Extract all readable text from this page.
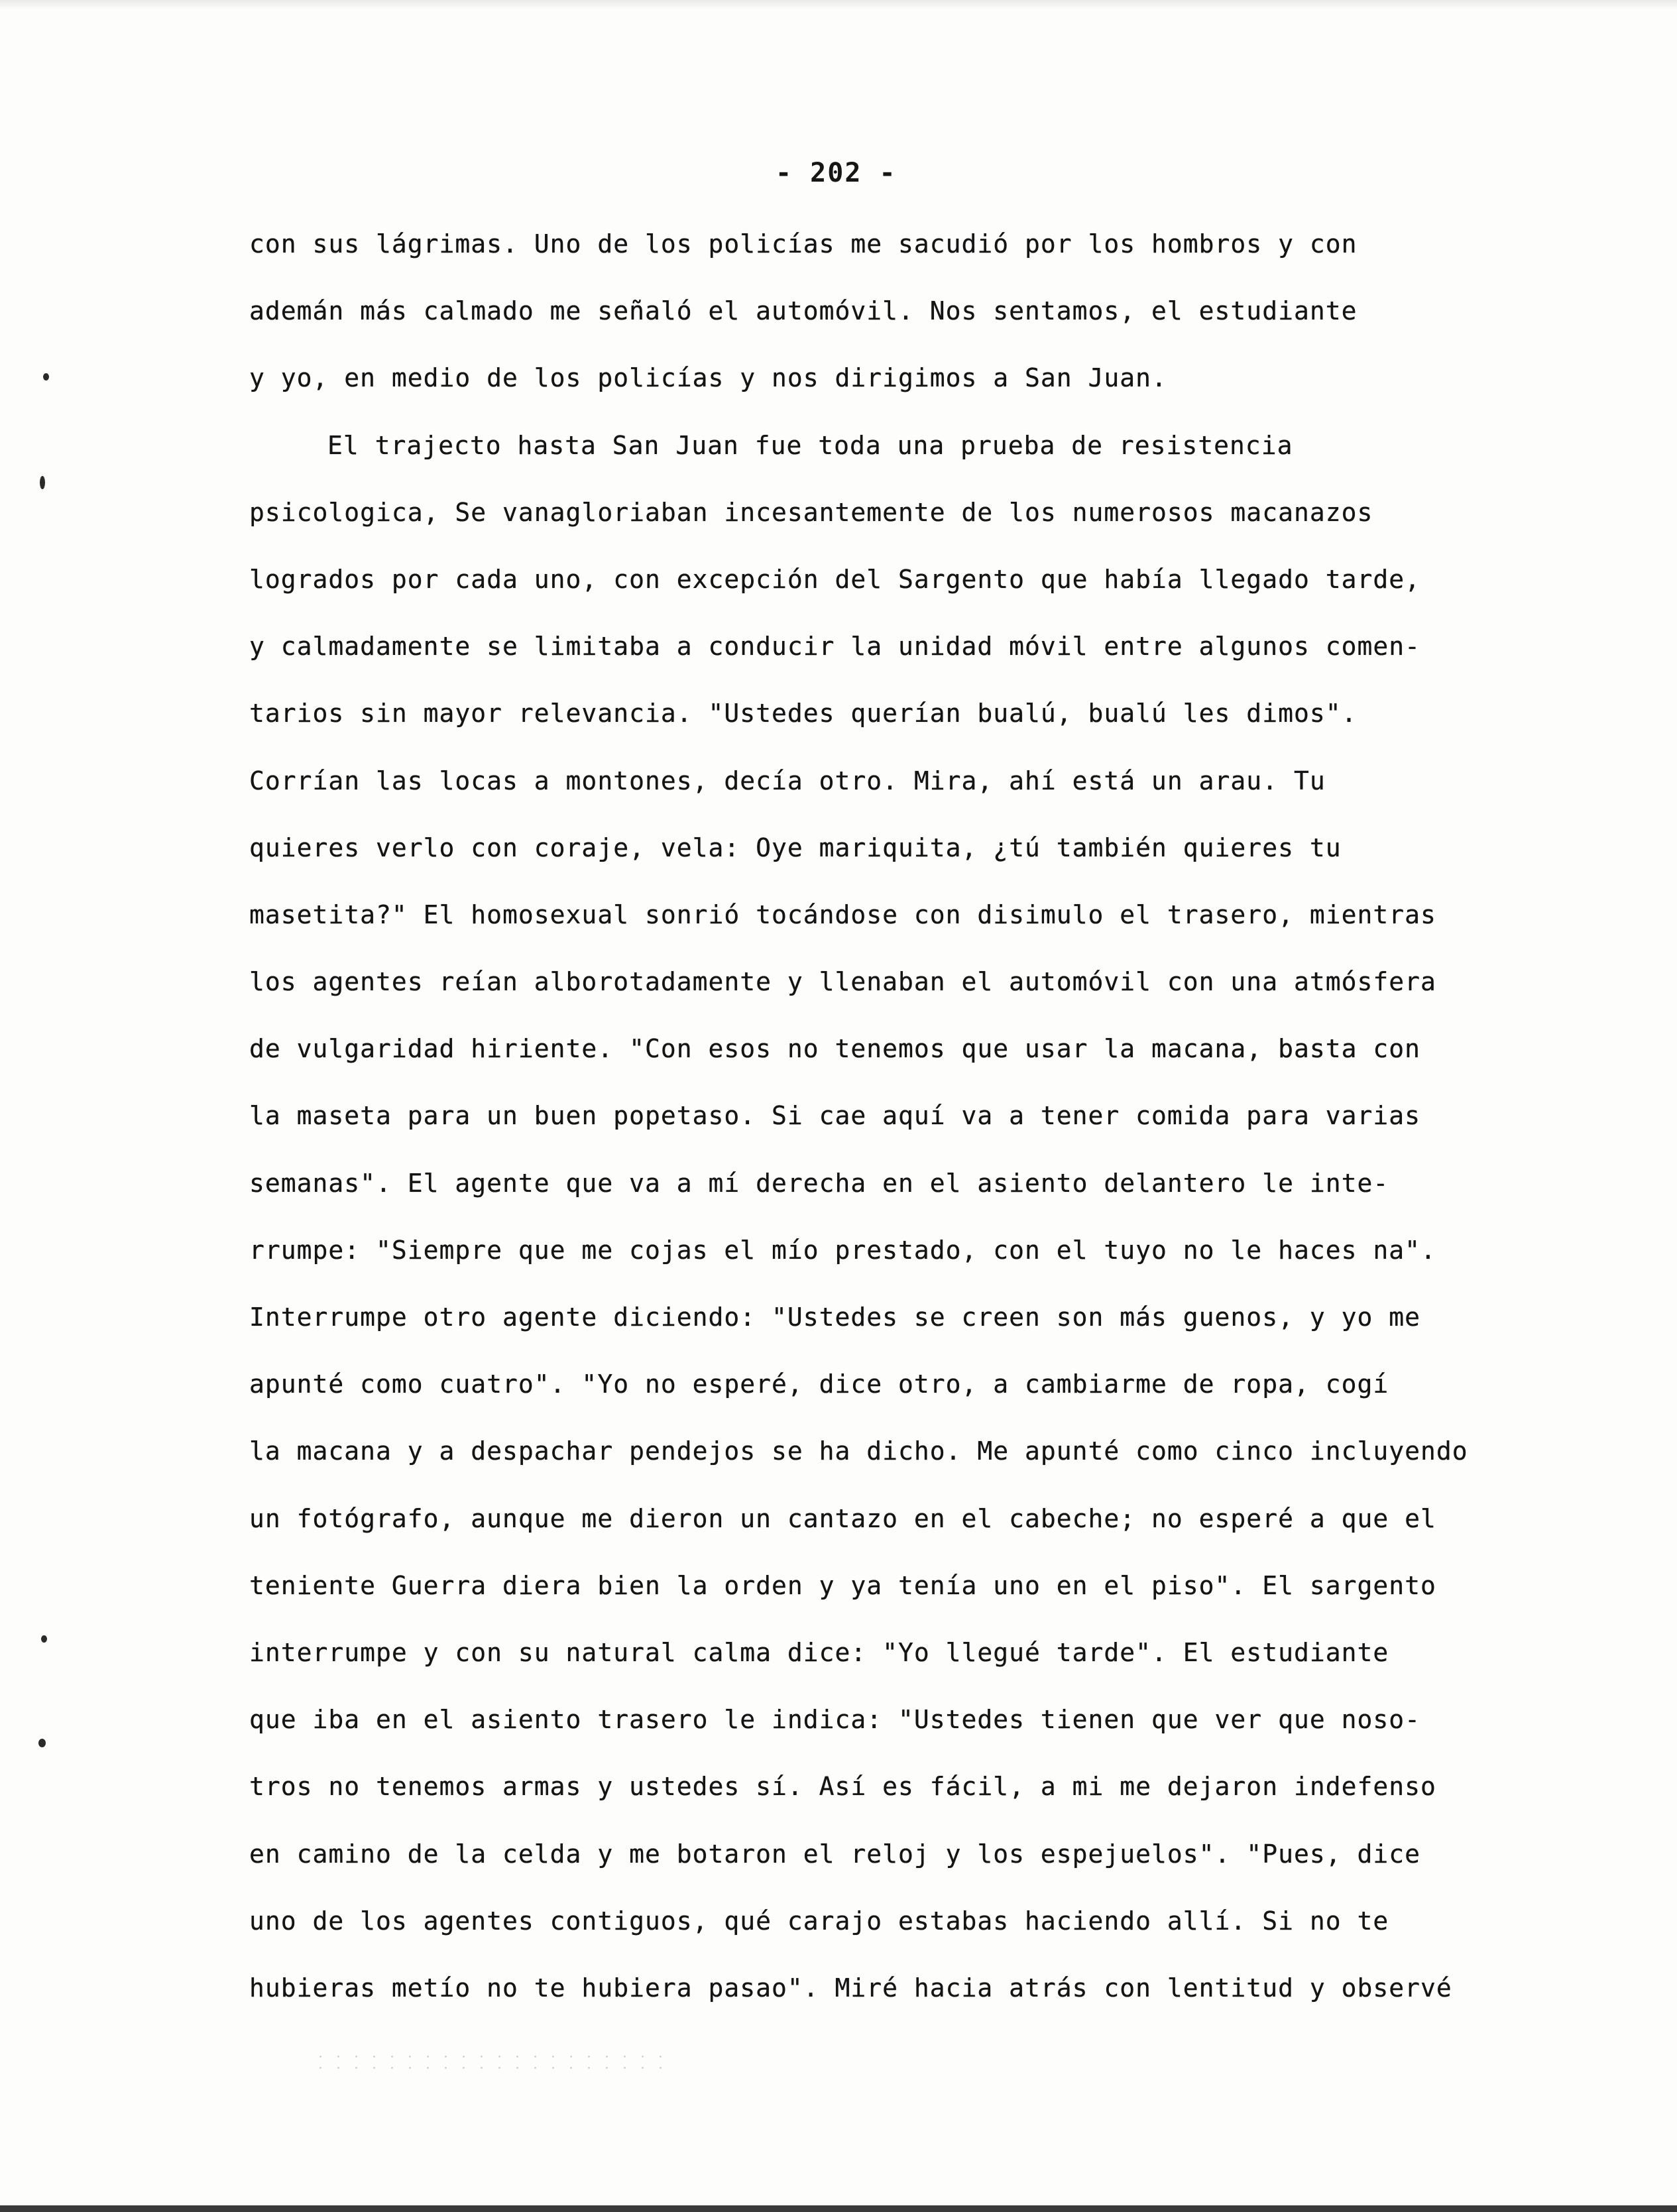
- 202 -
con sus lágrimas. Uno de los policías me sacudió por los hombros y con
ademán más calmado me señaló el automóvil. Nos sentamos, el estudiante
y yo, en medio de los policías y nos dirigimos a San Juan.
El trajecto hasta San Juan fue toda una prueba de resistencia
psicologica, Se vanagloriaban incesantemente de los numerosos macanazos
logrados por cada uno, con excepción del Sargento que había llegado tarde,
y calmadamente se limitaba a conducir la unidad móvil entre algunos comen-
tarios sin mayor relevancia. "Ustedes querían bualú, bualú les dimos".
Corrían las locas a montones, decía otro. Mira, ahí está un arau. Tu
quieres verlo con coraje, vela: Oye mariquita, ¿tú también quieres tu
masetita?" El homosexual sonrió tocándose con disimulo el trasero, mientras
los agentes reían alborotadamente y llenaban el automóvil con una atmósfera
de vulgaridad hiriente. "Con esos no tenemos que usar la macana, basta con
la maseta para un buen popetaso. Si cae aquí va a tener comida para varias
semanas". El agente que va a mí derecha en el asiento delantero le inte-
rrumpe: "Siempre que me cojas el mío prestado, con el tuyo no le haces na".
Interrumpe otro agente diciendo: "Ustedes se creen son más guenos, y yo me
apunté como cuatro". "Yo no esperé, dice otro, a cambiarme de ropa, cogí
la macana y a despachar pendejos se ha dicho. Me apunté como cinco incluyendo
un fotógrafo, aunque me dieron un cantazo en el cabeche; no esperé a que el
teniente Guerra diera bien la orden y ya tenía uno en el piso". El sargento
interrumpe y con su natural calma dice: "Yo llegué tarde". El estudiante
que iba en el asiento trasero le indica: "Ustedes tienen que ver que noso-
tros no tenemos armas y ustedes sí. Así es fácil, a mi me dejaron indefenso
en camino de la celda y me botaron el reloj y los espejuelos". "Pues, dice
uno de los agentes contiguos, qué carajo estabas haciendo allí. Si no te
hubieras metío no te hubiera pasao". Miré hacia atrás con lentitud y observé
